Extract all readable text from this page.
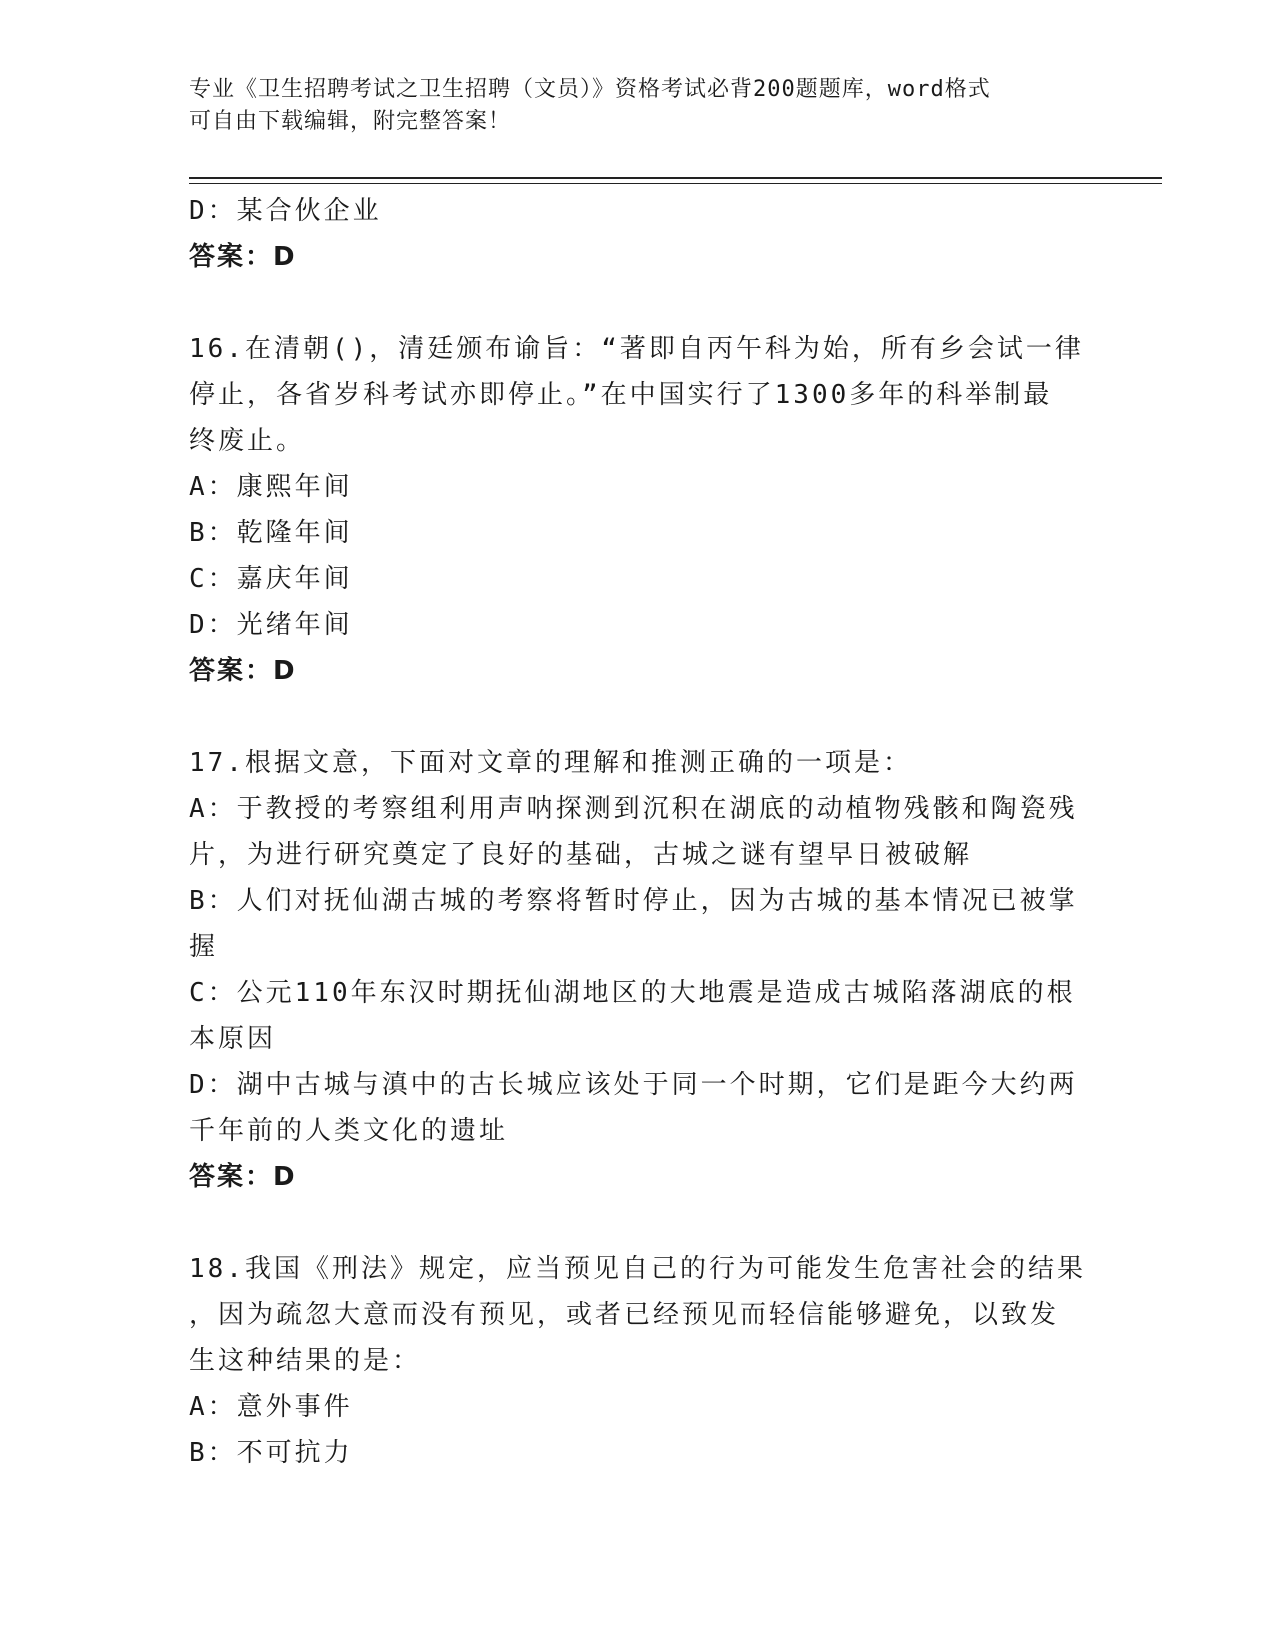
专业《卫生招聘考试之卫生招聘（文员）》资格考试必背200题题库，word格式
可自由下载编辑，附完整答案！
D：某合伙企业
答案：D
16.在清朝()，清廷颁布谕旨：“著即自丙午科为始，所有乡会试一律
停止，各省岁科考试亦即停止。”在中国实行了1300多年的科举制最
终废止。
A：康熙年间
B：乾隆年间
C：嘉庆年间
D：光绪年间
答案：D
17.根据文意，下面对文章的理解和推测正确的一项是：
A：于教授的考察组利用声呐探测到沉积在湖底的动植物残骸和陶瓷残
片，为进行研究奠定了良好的基础，古城之谜有望早日被破解
B：人们对抚仙湖古城的考察将暂时停止，因为古城的基本情况已被掌
握
C：公元110年东汉时期抚仙湖地区的大地震是造成古城陷落湖底的根
本原因
D：湖中古城与滇中的古长城应该处于同一个时期，它们是距今大约两
千年前的人类文化的遗址
答案：D
18.我国《刑法》规定，应当预见自己的行为可能发生危害社会的结果
，因为疏忽大意而没有预见，或者已经预见而轻信能够避免，以致发
生这种结果的是：
A：意外事件
B：不可抗力
